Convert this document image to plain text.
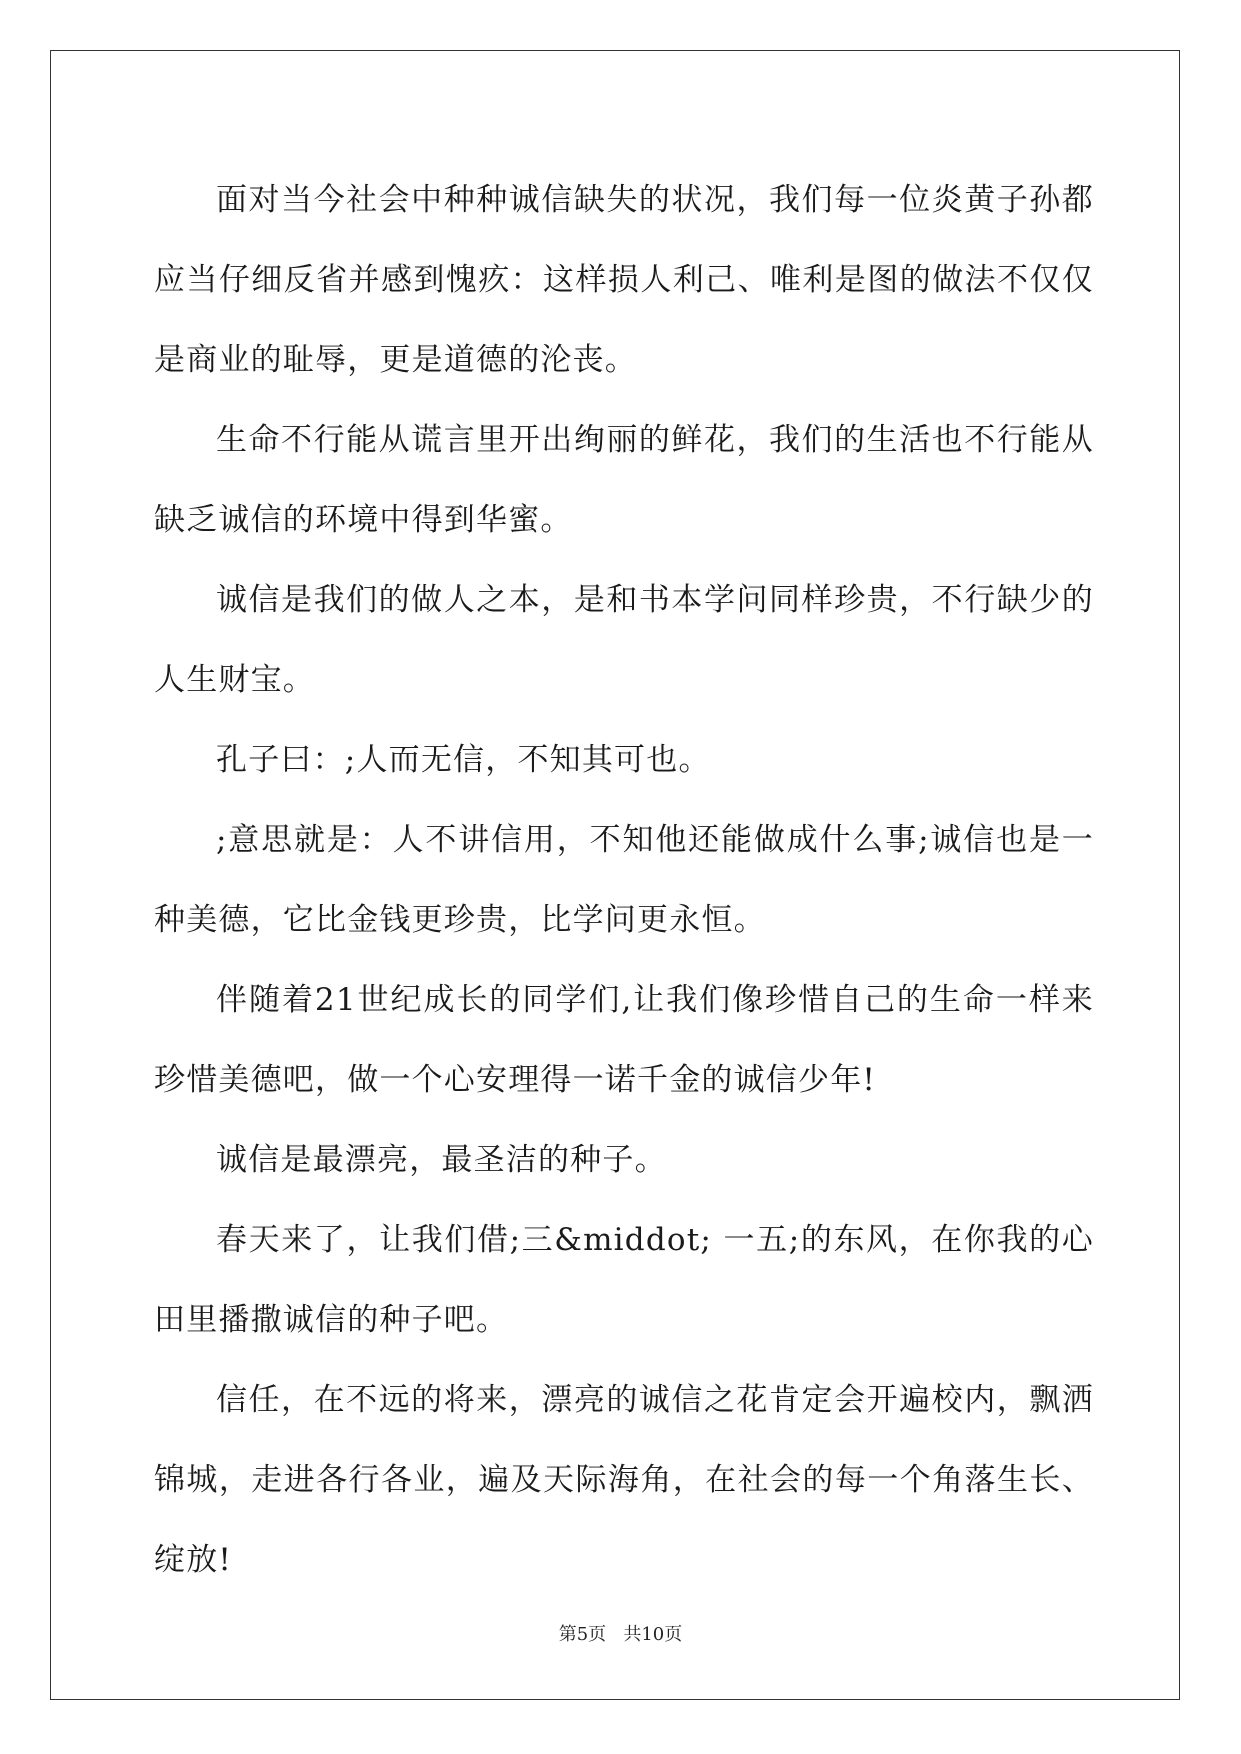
面对当今社会中种种诚信缺失的状况，我们每一位炎黄子孙都应当仔细反省并感到愧疚：这样损人利己、唯利是图的做法不仅仅是商业的耻辱，更是道德的沦丧。

生命不行能从谎言里开出绚丽的鲜花，我们的生活也不行能从缺乏诚信的环境中得到华蜜。

诚信是我们的做人之本，是和书本学问同样珍贵，不行缺少的人生财宝。

孔子曰：;人而无信，不知其可也。

;意思就是：人不讲信用，不知他还能做成什么事;诚信也是一种美德，它比金钱更珍贵，比学问更永恒。

伴随着21世纪成长的同学们,让我们像珍惜自己的生命一样来珍惜美德吧，做一个心安理得一诺千金的诚信少年!

诚信是最漂亮，最圣洁的种子。

春天来了，让我们借;三&middot; 一五;的东风，在你我的心田里播撒诚信的种子吧。

信任，在不远的将来，漂亮的诚信之花肯定会开遍校内，飘洒锦城，走进各行各业，遍及天际海角，在社会的每一个角落生长、绽放!

第5页   共10页
